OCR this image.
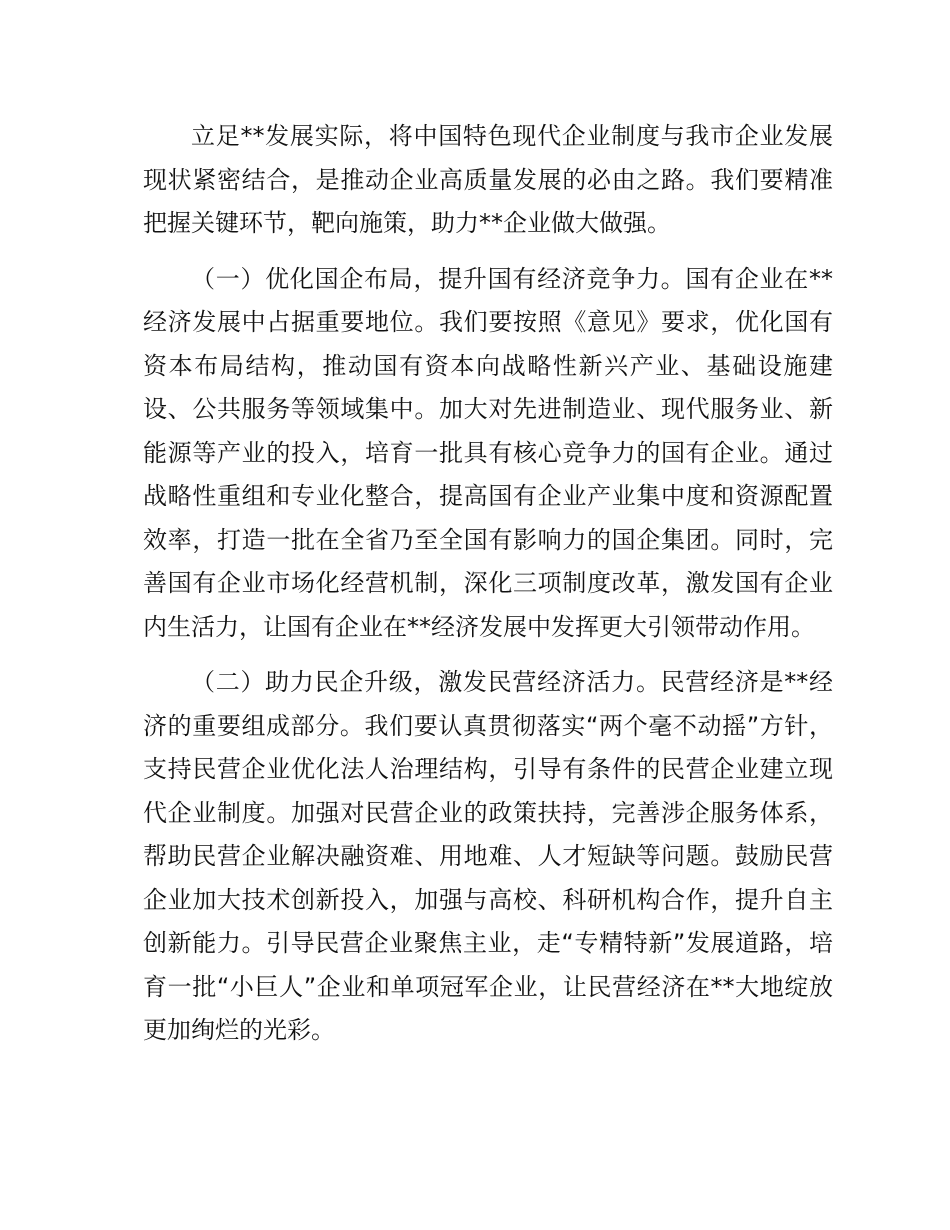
立足**发展实际，将中国特色现代企业制度与我市企业发展现状紧密结合，是推动企业高质量发展的必由之路。我们要精准把握关键环节，靶向施策，助力**企业做大做强。

（一）优化国企布局，提升国有经济竞争力。国有企业在**经济发展中占据重要地位。我们要按照《意见》要求，优化国有资本布局结构，推动国有资本向战略性新兴产业、基础设施建设、公共服务等领域集中。加大对先进制造业、现代服务业、新能源等产业的投入，培育一批具有核心竞争力的国有企业。通过战略性重组和专业化整合，提高国有企业产业集中度和资源配置效率，打造一批在全省乃至全国有影响力的国企集团。同时，完善国有企业市场化经营机制，深化三项制度改革，激发国有企业内生活力，让国有企业在**经济发展中发挥更大引领带动作用。

（二）助力民企升级，激发民营经济活力。民营经济是**经济的重要组成部分。我们要认真贯彻落实“两个毫不动摇”方针，支持民营企业优化法人治理结构，引导有条件的民营企业建立现代企业制度。加强对民营企业的政策扶持，完善涉企服务体系，帮助民营企业解决融资难、用地难、人才短缺等问题。鼓励民营企业加大技术创新投入，加强与高校、科研机构合作，提升自主创新能力。引导民营企业聚焦主业，走“专精特新”发展道路，培育一批“小巨人”企业和单项冠军企业，让民营经济在**大地绽放更加绚烂的光彩。
